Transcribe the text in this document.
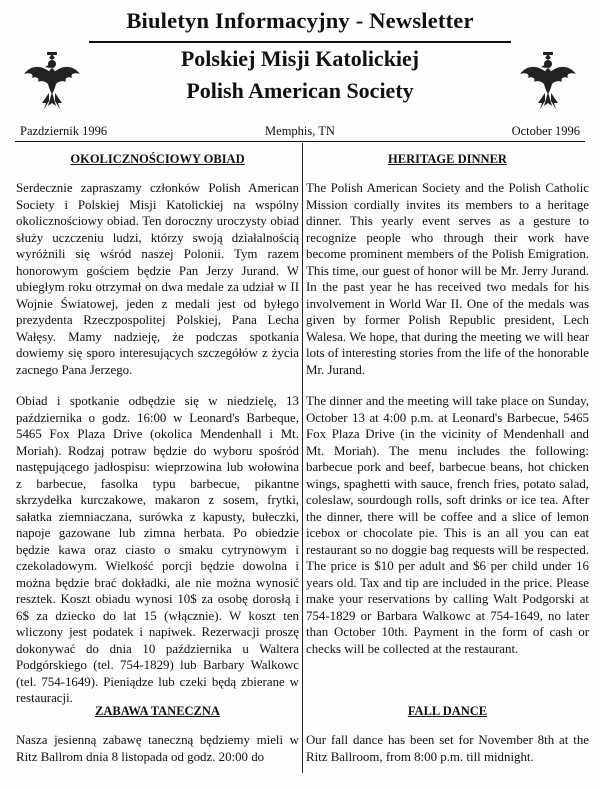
Biuletyn Informacyjny - Newsletter
Polskiej Misji Katolickiej
Polish American Society
Pazdziernik 1996	Memphis, TN	October 1996
OKOLICZNOŚCIOWY OBIAD

Serdecznie zapraszamy członków Polish American Society i Polskiej Misji Katolickiej na wspólny okolicznościowy obiad. Ten doroczny uroczysty obiad służy uczczeniu ludzi, którzy swoją działalnością wyróżnili się wśród naszej Polonii. Tym razem honorowym gościem będzie Pan Jerzy Jurand. W ubiegłym roku otrzymał on dwa medale za udział w II Wojnie Światowej, jeden z medali jest od byłego prezydenta Rzeczpospolitej Polskiej, Pana Lecha Wałęsy. Mamy nadzieję, że podczas spotkania dowiemy się sporo interesujących szczegółów z życia zacnego Pana Jerzego.

Obiad i spotkanie odbędzie się w niedzielę, 13 października o godz. 16:00 w Leonard's Barbeque, 5465 Fox Plaza Drive (okolica Mendenhall i Mt. Moriah). Rodzaj potraw będzie do wyboru spośród następującego jadłospisu: wieprzowina lub wołowina z barbecue, fasolka typu barbecue, pikantne skrzydełka kurczakowe, makaron z sosem, frytki, sałatka ziemniaczana, surówka z kapusty, bułeczki, napoje gazowane lub zimna herbata. Po obiedzie będzie kawa oraz ciasto o smaku cytrynowym i czekoladowym. Wielkość porcji będzie dowolna i można będzie brać dokładki, ale nie można wynosić resztek. Koszt obiadu wynosi 10$ za osobę dorosłą i 6$ za dziecko do lat 15 (włącznie). W koszt ten wliczony jest podatek i napiwek. Rezerwacji proszę dokonywać do dnia 10 października u Waltera Podgórskiego (tel. 754-1829) lub Barbary Walkowc (tel. 754-1649). Pieniądze lub czeki będą zbierane w restauracji.

ZABAWA TANECZNA

Nasza jesienną zabawę taneczną będziemy mieli w Ritz Ballrom dnia 8 listopada od godz. 20:00 do

HERITAGE DINNER

The Polish American Society and the Polish Catholic Mission cordially invites its members to a heritage dinner. This yearly event serves as a gesture to recognize people who through their work have become prominent members of the Polish Emigration. This time, our guest of honor will be Mr. Jerry Jurand. In the past year he has received two medals for his involvement in World War II. One of the medals was given by former Polish Republic president, Lech Walesa. We hope, that during the meeting we will hear lots of interesting stories from the life of the honorable Mr. Jurand.

The dinner and the meeting will take place on Sunday, October 13 at 4:00 p.m. at Leonard's Barbecue, 5465 Fox Plaza Drive (in the vicinity of Mendenhall and Mt. Moriah). The menu includes the following: barbecue pork and beef, barbecue beans, hot chicken wings, spaghetti with sauce, french fries, potato salad, coleslaw, sourdough rolls, soft drinks or ice tea. After the dinner, there will be coffee and a slice of lemon icebox or chocolate pie. This is an all you can eat restaurant so no doggie bag requests will be respected. The price is $10 per adult and $6 per child under 16 years old. Tax and tip are included in the price. Please make your reservations by calling Walt Podgorski at 754-1829 or Barbara Walkowc at 754-1649, no later than October 10th. Payment in the form of cash or checks will be collected at the restaurant.

FALL DANCE

Our fall dance has been set for November 8th at the Ritz Ballroom, from 8:00 p.m. till midnight.
